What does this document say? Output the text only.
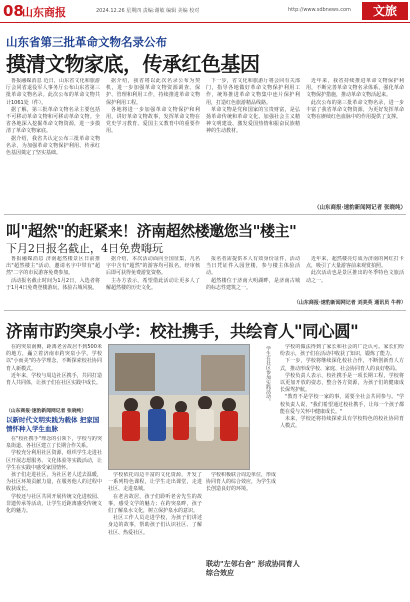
08
山东商报	2024.12.26 星期四 责编:谢敏 编辑 美编 校对	http://www.sdbnews.com	文旅
山东省第三批革命文物名录公布
摸清文物家底，传承红色基因

鲁报融媒消息 近日，山东省文化和旅游厅会同省退役军人事务厅公布山东省第三批革命文物名录。此次公布的革命文物共计1061处（件）。

据了解，第三批革命文物名录主要包括不可移动革命文物和可移动革命文物。全省各地深入挖掘革命文物资源，进一步摸清了革命文物家底。

据介绍，我省共认定公布三批革命文物名录，为加强革命文物保护利用、传承红色基因奠定了坚实基础。

据介绍，我省将以此次名录公布为契机，进一步加强革命文物资源调查、保护、管理和利用工作，持续推进革命文物保护利用工程。

各地将进一步加强革命文物保护和利用，讲好革命文物故事，发挥革命文物在党史学习教育、爱国主义教育中的重要作用。

下一步，省文化和旅游厅将会同有关部门，指导各地做好革命文物保护利用工作，统筹推进革命文物集中连片保护利用，打造红色旅游精品线路。

革命文物是党和国家的宝贵财富，是弘扬革命传统和革命文化、加强社会主义精神文明建设、激发爱国热情和振奋民族精神的生动教材。

近年来，我省持续推进革命文物保护利用，不断完善革命文物名录体系，强化革命文物保护措施，推动革命文物活起来。

此次公布的第三批革命文物名录，进一步丰富了我省革命文物资源，为更好发挥革命文物在赓续红色血脉中的作用提供了支撑。

（山东商报·速豹新闻网记者 张晓纯）
叫"超然"的赶紧来！济南超然楼邀您当"楼主"
下月2日报名截止，4日免费嗨玩

鲁报融媒消息 济南超然楼景区日前推出"超然楼主"活动，邀请名字中带有"超然"二字的市民游客免费参加。

活动报名截止时间为1月2日，入选者将于1月4日免费登楼游玩，体验古城风貌。

据介绍，本次活动面向全国征集，凡名字中含有"超然"的游客均可报名，经审核后即可获得免费游览资格。

主办方表示，希望借此活动让更多人了解超然楼的历史文化。

报名者需提供本人有效身份证件，活动当日凭证件入园登楼，参与楼主体验活动。

超然楼位于济南大明湖畔，是济南古城的标志性建筑之一。

近年来，超然楼亮灯成为济南的网红打卡点，吸引了大量游客前来观赏拍照。

此次活动也是景区推出的冬季特色文旅活动之一。

（山东商报·速豹新闻网记者 刘美英 通讯员 牛梓）
济南市趵突泉小学：校社携手，共绘育人"同心圆"

在趵突泉南侧，距离老舍故居不到500米的地方，矗立着济南市趵突泉小学。学校以"小而美"的办学理念，不断探索校社协同育人新模式。

近年来，学校与周边社区携手，共同打造育人共同体，让孩子们在社区实践中成长。

（山东商报·速豹新闻网记者 张晓纯）
以新时代文明实践为载体 把家国情怀种入学生血脉

在"校社携手"理念的引领下，学校与趵突泉街道、各社区建立了长期合作关系。

学校充分利用社区资源，组织学生走进社区开展志愿服务、文化体验等实践活动，让学生在实践中感受家国情怀。

孩子们走进社区，为社区老人送去温暖，为社区环境贡献力量，在服务他人的过程中收获成长。

学校还与社区共同开展传统文化进校园、非遗传承等活动，让学生近距离感受传统文化的魅力。

学生在社区参加实践活动。

学校依托周边丰富的文化资源，开发了一系列特色课程，让学生走出课堂，走进社区、走进泉城。

在老舍故居，孩子们聆听老舍先生的故事，感受文学的魅力；在趵突泉畔，孩子们了解泉水文化，树立保护泉水的意识。

社区工作人员走进学校，为孩子们讲述身边的故事，帮助孩子们认识社区、了解社区、热爱社区。

学校积极联合周边单位，形成协同育人的综合效应，为学生成长创造良好的环境。

联动"左邻右舍" 形成协同育人综合效应

学校的做法得到了家长和社会的广泛认可。家长们纷纷表示，孩子们在活动中收获了知识，锻炼了能力。

下一步，学校将继续深化校社合作，不断创新育人方式，推动形成学校、家庭、社会协同育人的良好格局。

学校负责人表示，校社携手是一项长期工程，学校将以更加开放的姿态，整合各方资源，为孩子们的健康成长保驾护航。

"教育不是学校一家的事，需要全社会共同参与。"学校负责人说，"我们希望通过校社携手，让每一个孩子都能在爱与关怀中健康成长。"

未来，学校还将持续探索具有学校特色的校社协同育人模式。
